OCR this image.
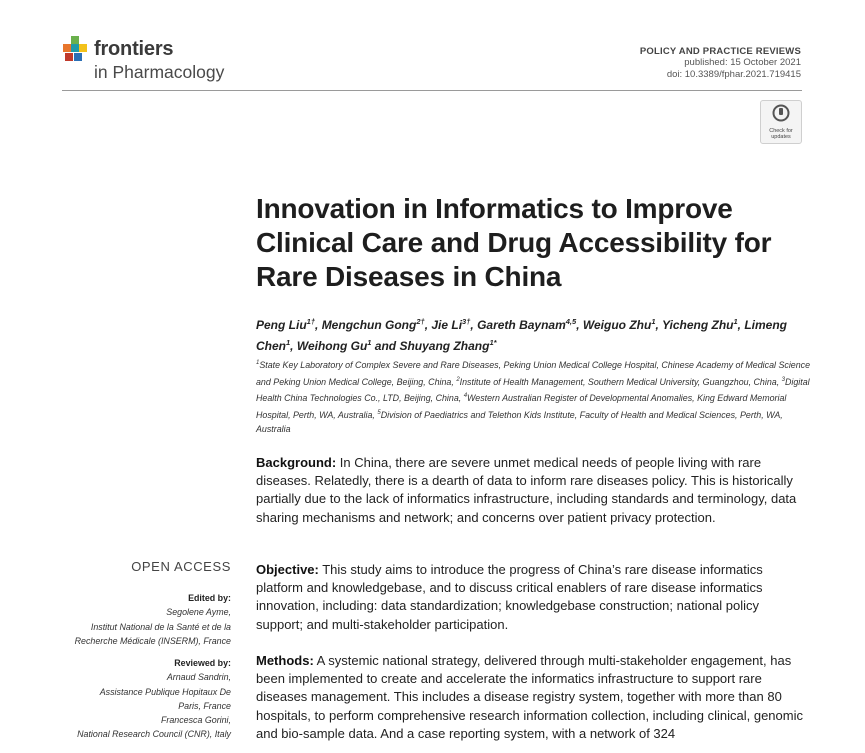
frontiers
in Pharmacology
POLICY AND PRACTICE REVIEWS
published: 15 October 2021
doi: 10.3389/fphar.2021.719415
Check for
updates
Innovation in Informatics to Improve Clinical Care and Drug Accessibility for Rare Diseases in China
Peng Liu$^{1\dagger}$, Mengchun Gong$^{2\dagger}$, Jie $Li^{3\dagger}$, Gareth Baynam$^{4,5}$, Weiguo Zhu$^1$, Yicheng Zhu$^1$, Limeng Chen$^1$, Weihong Gu$^1$ and Shuyang Zhang$^{1*}$
$^1$State Key Laboratory of Complex Severe and Rare Diseases, Peking Union Medical College Hospital, Chinese Academy of Medical Science and Peking Union Medical College, Beijing, China, $^2$Institute of Health Management, Southern Medical University, Guangzhou, China, $^3$Digital Health China Technologies Co., LTD, Beijing, China, $^4$Western Australian Register of Developmental Anomalies, King Edward Memorial Hospital, Perth, WA, Australia, $^5$Division of Paediatrics and Telethon Kids Institute, Faculty of Health and Medical Sciences, Perth, WA, Australia
Background: In China, there are severe unmet medical needs of people living with rare diseases. Relatedly, there is a dearth of data to inform rare diseases policy. This is historically partially due to the lack of informatics infrastructure, including standards and terminology, data sharing mechanisms and network; and concerns over patient privacy protection.
Objective: This study aims to introduce the progress of China’s rare disease informatics platform and knowledgebase, and to discuss critical enablers of rare disease informatics innovation, including: data standardization; knowledgebase construction; national policy support; and multi-stakeholder participation.
Methods: A systemic national strategy, delivered through multi-stakeholder engagement, has been implemented to create and accelerate the informatics infrastructure to support rare diseases management. This includes a disease registry system, together with more than 80 hospitals, to perform comprehensive research information collection, including clinical, genomic and bio-sample data. And a case reporting system, with a network of 324
OPEN ACCESS
Edited by:
Segolene Ayme,
Institut National de la Santé et de la
Recherche Médicale (INSERM), France
Reviewed by:
Arnaud Sandrin,
Assistance Publique Hopitaux De
Paris, France
Francesca Gorini,
National Research Council (CNR), Italy
